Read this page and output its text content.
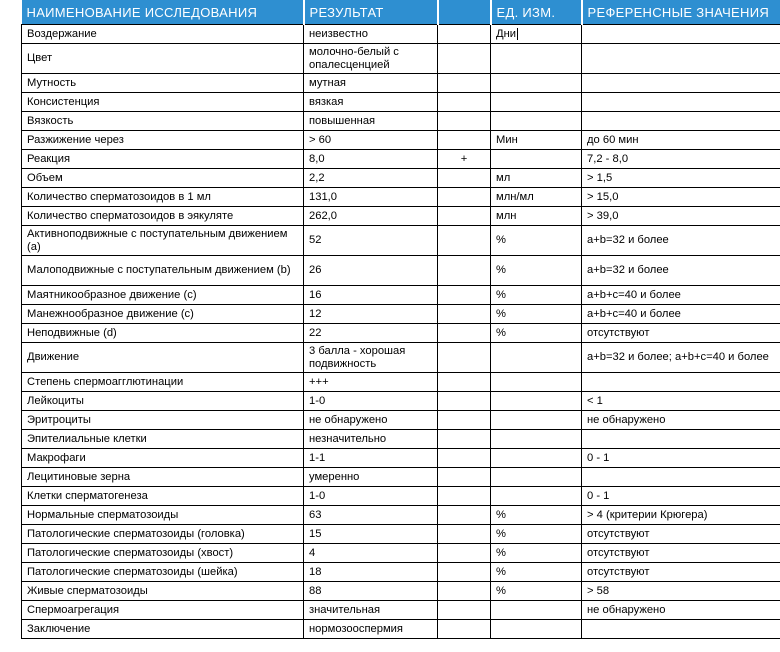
НАИМЕНОВАНИЕ ИССЛЕДОВАНИЯ	РЕЗУЛЬТАТ		ЕД. ИЗМ.	РЕФЕРЕНСНЫЕ ЗНАЧЕНИЯ
Воздержание	неизвестно		Дни	
Цвет	молочно-белый с опалесценцией			
Мутность	мутная			
Консистенция	вязкая			
Вязкость	повышенная			
Разжижение через	> 60		Мин	до 60 мин
Реакция	8,0	+		7,2 - 8,0
Объем	2,2		мл	> 1,5
Количество сперматозоидов в 1 мл	131,0		млн/мл	> 15,0
Количество сперматозоидов в эякуляте	262,0		млн	> 39,0
Активноподвижные с поступательным движением (a)	52		%	a+b=32 и более
Малоподвижные с поступательным движением (b)	26		%	a+b=32 и более
Маятникообразное движение (c)	16		%	a+b+c=40 и более
Манежнообразное движение (c)	12		%	a+b+c=40 и более
Неподвижные (d)	22		%	отсутствуют
Движение	3 балла - хорошая подвижность			a+b=32 и более; a+b+c=40 и более
Степень спермоагглютинации	+++			
Лейкоциты	1-0			< 1
Эритроциты	не обнаружено			не обнаружено
Эпителиальные клетки	незначительно			
Макрофаги	1-1			0 - 1
Лецитиновые зерна	умеренно			
Клетки сперматогенеза	1-0			0 - 1
Нормальные сперматозоиды	63		%	> 4 (критерии Крюгера)
Патологические сперматозоиды (головка)	15		%	отсутствуют
Патологические сперматозоиды (хвост)	4		%	отсутствуют
Патологические сперматозоиды (шейка)	18		%	отсутствуют
Живые сперматозоиды	88		%	> 58
Спермоагрегация	значительная			не обнаружено
Заключение	нормозооспермия			
